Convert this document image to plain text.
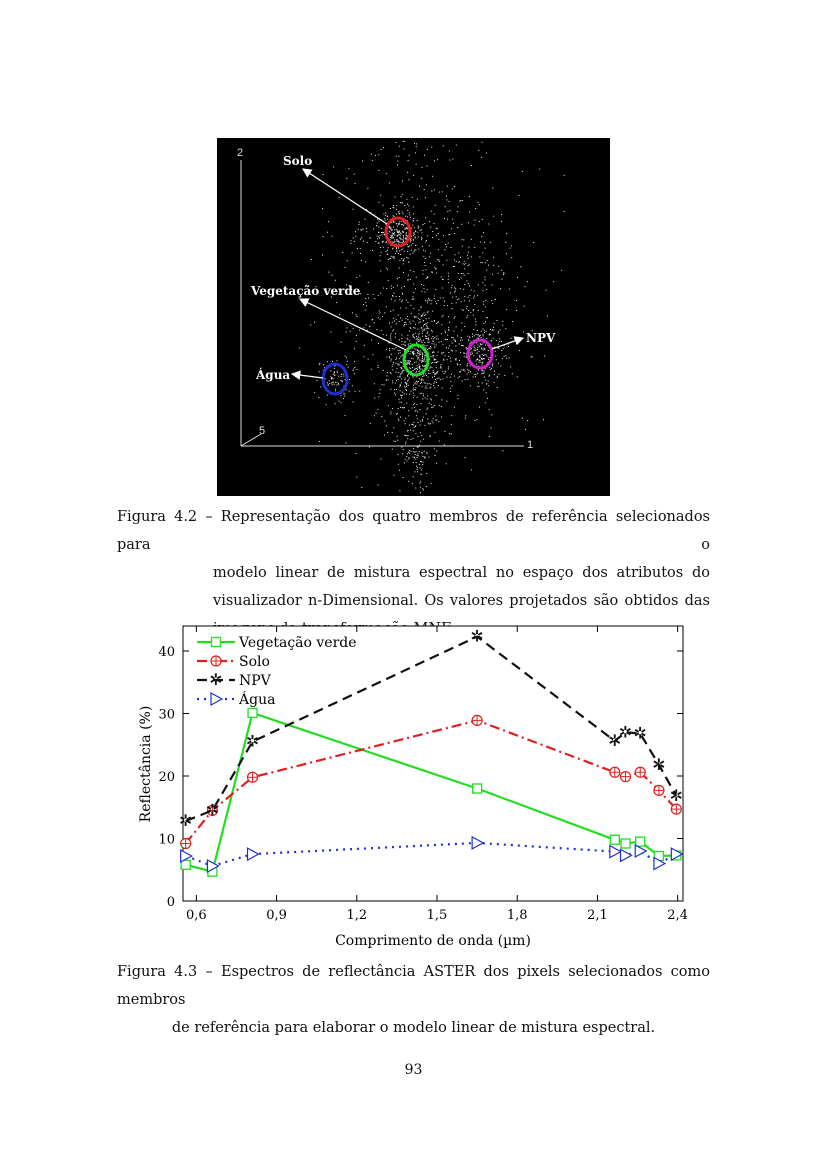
2
1
5
Solo
Vegetação verde
NPV
Água
Figura 4.2 – Representação dos quatro membros de referência selecionados para o
modelo linear de mistura espectral no espaço dos atributos do
visualizador n-Dimensional. Os valores projetados são obtidos das
0,6	0,9	1,2	1,5	1,8	2,1	2,4
0
10
20
30
40
✲
✲
✲
✲
✲
✲ ✲
✲
✲
Vegetação verde
Solo
✲ NPV
Água
Comprimento de onda (µm)
Reflectância (%)
Figura 4.3 – Espectros de reflectância ASTER dos pixels selecionados como membros
de referência para elaborar o modelo linear de mistura espectral.
93
